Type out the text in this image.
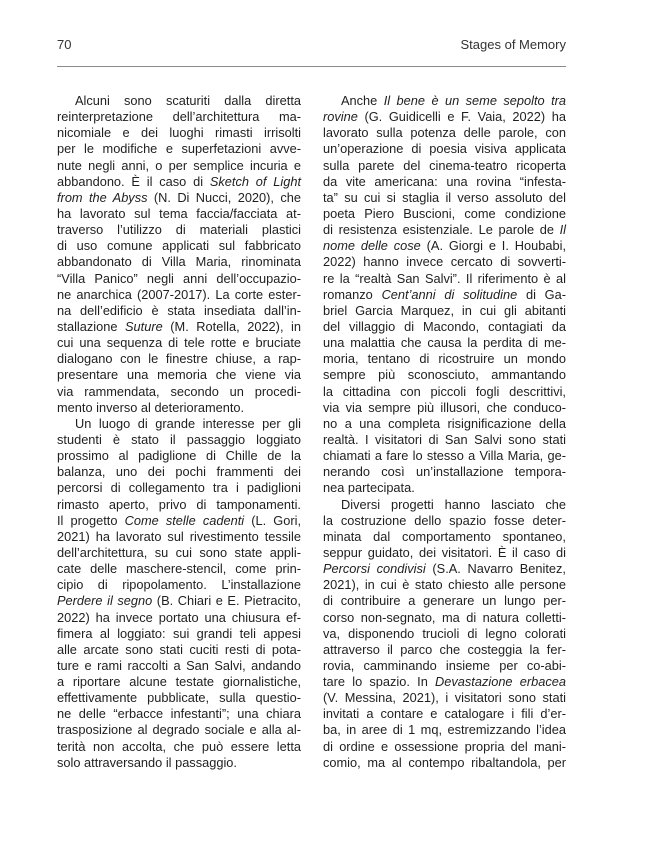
70	Stages of Memory
Alcuni sono scaturiti dalla diretta
reinterpretazione dell’architettura ma-
nicomiale e dei luoghi rimasti irrisolti
per le modifiche e superfetazioni avve-
nute negli anni, o per semplice incuria e
abbandono. È il caso di Sketch of Light
from the Abyss (N. Di Nucci, 2020), che
ha lavorato sul tema faccia/facciata at-
traverso l’utilizzo di materiali plastici
di uso comune applicati sul fabbricato
abbandonato di Villa Maria, rinominata
“Villa Panico” negli anni dell’occupazio-
ne anarchica (2007-2017). La corte ester-
na dell’edificio è stata insediata dall’in-
stallazione Suture (M. Rotella, 2022), in
cui una sequenza di tele rotte e bruciate
dialogano con le finestre chiuse, a rap-
presentare una memoria che viene via
via rammendata, secondo un procedi-
mento inverso al deterioramento.
Un luogo di grande interesse per gli
studenti è stato il passaggio loggiato
prossimo al padiglione di Chille de la
balanza, uno dei pochi frammenti dei
percorsi di collegamento tra i padiglioni
rimasto aperto, privo di tamponamenti.
Il progetto Come stelle cadenti (L. Gori,
2021) ha lavorato sul rivestimento tessile
dell’architettura, su cui sono state appli-
cate delle maschere-stencil, come prin-
cipio di ripopolamento. L’installazione
Perdere il segno (B. Chiari e E. Pietracito,
2022) ha invece portato una chiusura ef-
fimera al loggiato: sui grandi teli appesi
alle arcate sono stati cuciti resti di pota-
ture e rami raccolti a San Salvi, andando
a riportare alcune testate giornalistiche,
effettivamente pubblicate, sulla questio-
ne delle “erbacce infestanti”; una chiara
trasposizione al degrado sociale e alla al-
terità non accolta, che può essere letta
solo attraversando il passaggio.
Anche Il bene è un seme sepolto tra
rovine (G. Guidicelli e F. Vaia, 2022) ha
lavorato sulla potenza delle parole, con
un’operazione di poesia visiva applicata
sulla parete del cinema-teatro ricoperta
da vite americana: una rovina “infesta-
ta” su cui si staglia il verso assoluto del
poeta Piero Buscioni, come condizione
di resistenza esistenziale. Le parole de Il
nome delle cose (A. Giorgi e I. Houbabi,
2022) hanno invece cercato di sovverti-
re la “realtà San Salvi”. Il riferimento è al
romanzo Cent’anni di solitudine di Ga-
briel Garcia Marquez, in cui gli abitanti
del villaggio di Macondo, contagiati da
una malattia che causa la perdita di me-
moria, tentano di ricostruire un mondo
sempre più sconosciuto, ammantando
la cittadina con piccoli fogli descrittivi,
via via sempre più illusori, che conduco-
no a una completa risignificazione della
realtà. I visitatori di San Salvi sono stati
chiamati a fare lo stesso a Villa Maria, ge-
nerando così un’installazione tempora-
nea partecipata.
Diversi progetti hanno lasciato che
la costruzione dello spazio fosse deter-
minata dal comportamento spontaneo,
seppur guidato, dei visitatori. È il caso di
Percorsi condivisi (S.A. Navarro Benitez,
2021), in cui è stato chiesto alle persone
di contribuire a generare un lungo per-
corso non-segnato, ma di natura colletti-
va, disponendo trucioli di legno colorati
attraverso il parco che costeggia la fer-
rovia, camminando insieme per co-abi-
tare lo spazio. In Devastazione erbacea
(V. Messina, 2021), i visitatori sono stati
invitati a contare e catalogare i fili d’er-
ba, in aree di 1 mq, estremizzando l’idea
di ordine e ossessione propria del mani-
comio, ma al contempo ribaltandola, per
